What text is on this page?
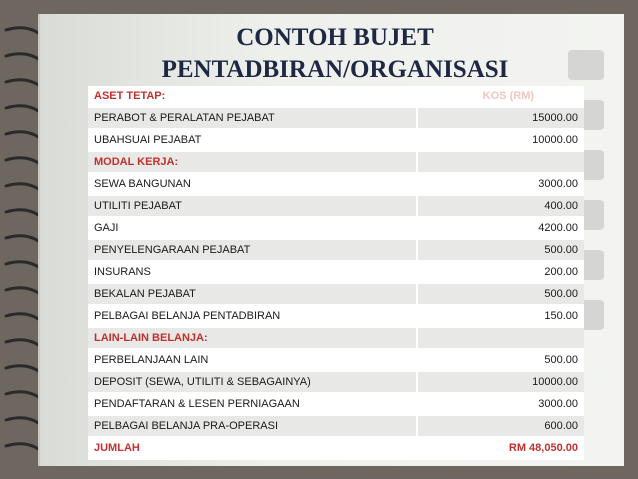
CONTOH BUJET
PENTADBIRAN/ORGANISASI
ASET TETAP:	KOS (RM)
PERABOT & PERALATAN PEJABAT	15000.00
UBAHSUAI PEJABAT	10000.00
MODAL KERJA:	
SEWA BANGUNAN	3000.00
UTILITI PEJABAT	400.00
GAJI	4200.00
PENYELENGARAAN PEJABAT	500.00
INSURANS	200.00
BEKALAN PEJABAT	500.00
PELBAGAI BELANJA PENTADBIRAN	150.00
LAIN-LAIN BELANJA:	
PERBELANJAAN LAIN	500.00
DEPOSIT (SEWA, UTILITI & SEBAGAINYA)	10000.00
PENDAFTARAN & LESEN PERNIAGAAN	3000.00
PELBAGAI BELANJA PRA-OPERASI	600.00
JUMLAH	RM 48,050.00
